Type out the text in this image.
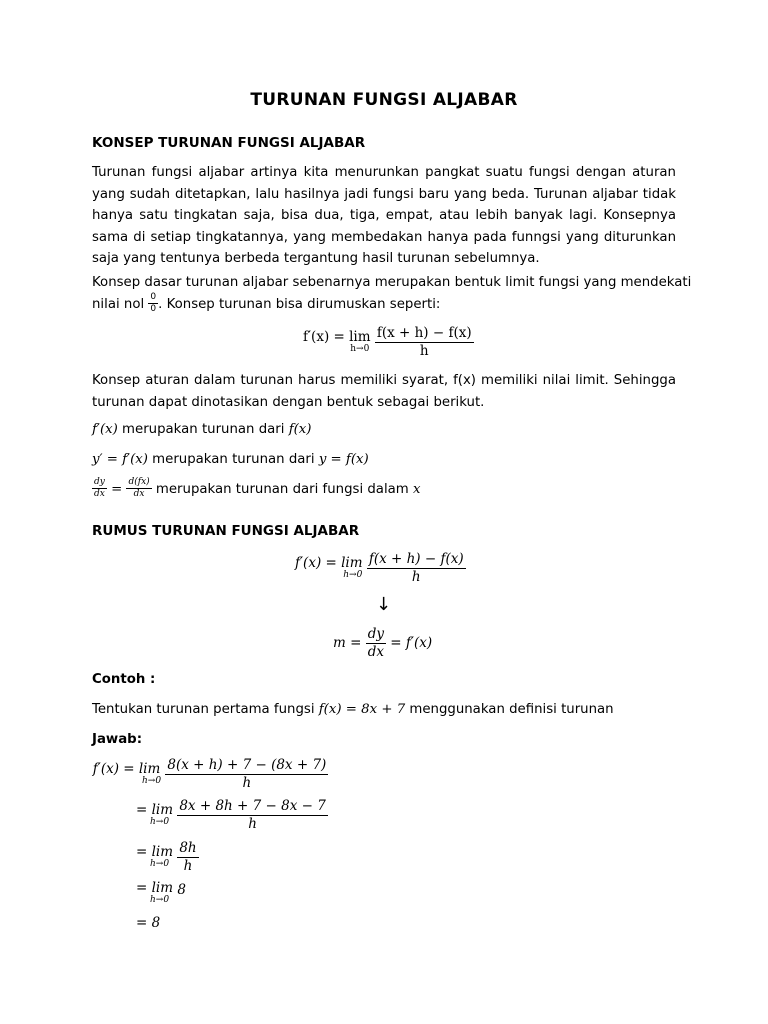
TURUNAN FUNGSI ALJABAR
KONSEP TURUNAN FUNGSI ALJABAR
Turunan fungsi aljabar artinya kita menurunkan pangkat suatu fungsi dengan aturan yang sudah ditetapkan, lalu hasilnya jadi fungsi baru yang beda. Turunan aljabar tidak hanya satu tingkatan saja, bisa dua, tiga, empat, atau lebih banyak lagi. Konsepnya sama di setiap tingkatannya, yang membedakan hanya pada funngsi yang diturunkan saja yang tentunya berbeda tergantung hasil turunan sebelumnya.
Konsep dasar turunan aljabar sebenarnya merupakan bentuk limit fungsi yang mendekati
nilai nol $\frac{0}{0}$ . Konsep turunan bisa dirumuskan seperti:
f′(x) = lim
h→0
$\frac{f(x + h) - f(x)}{h}$
Konsep aturan dalam turunan harus memiliki syarat, f(x) memiliki nilai limit. Sehingga turunan dapat dinotasikan dengan bentuk sebagai berikut.
f′(x) merupakan turunan dari f(x)
y′ = f′(x) merupakan turunan dari y = f(x)
$\frac{dy}{dx} = \frac{d(fx)}{dx}$ merupakan turunan dari fungsi dalam x
RUMUS TURUNAN FUNGSI ALJABAR
f′(x) = lim
h→0
$\frac{f(x + h) - f(x)}{h}$
↓
$m = \frac{dy}{dx} = f'(x)$
Contoh :
Tentukan turunan pertama fungsi f(x) = 8x + 7 menggunakan definisi turunan
Jawab:
f′(x) = lim
h→0
$\frac{8(x + h) + 7 - (8x + 7)}{h}$
= lim
h→0
$\frac{8x + 8h + 7 - 8x - 7}{h}$
= lim
h→0
$\frac{8h}{h}$
= lim
h→0
8
= 8
